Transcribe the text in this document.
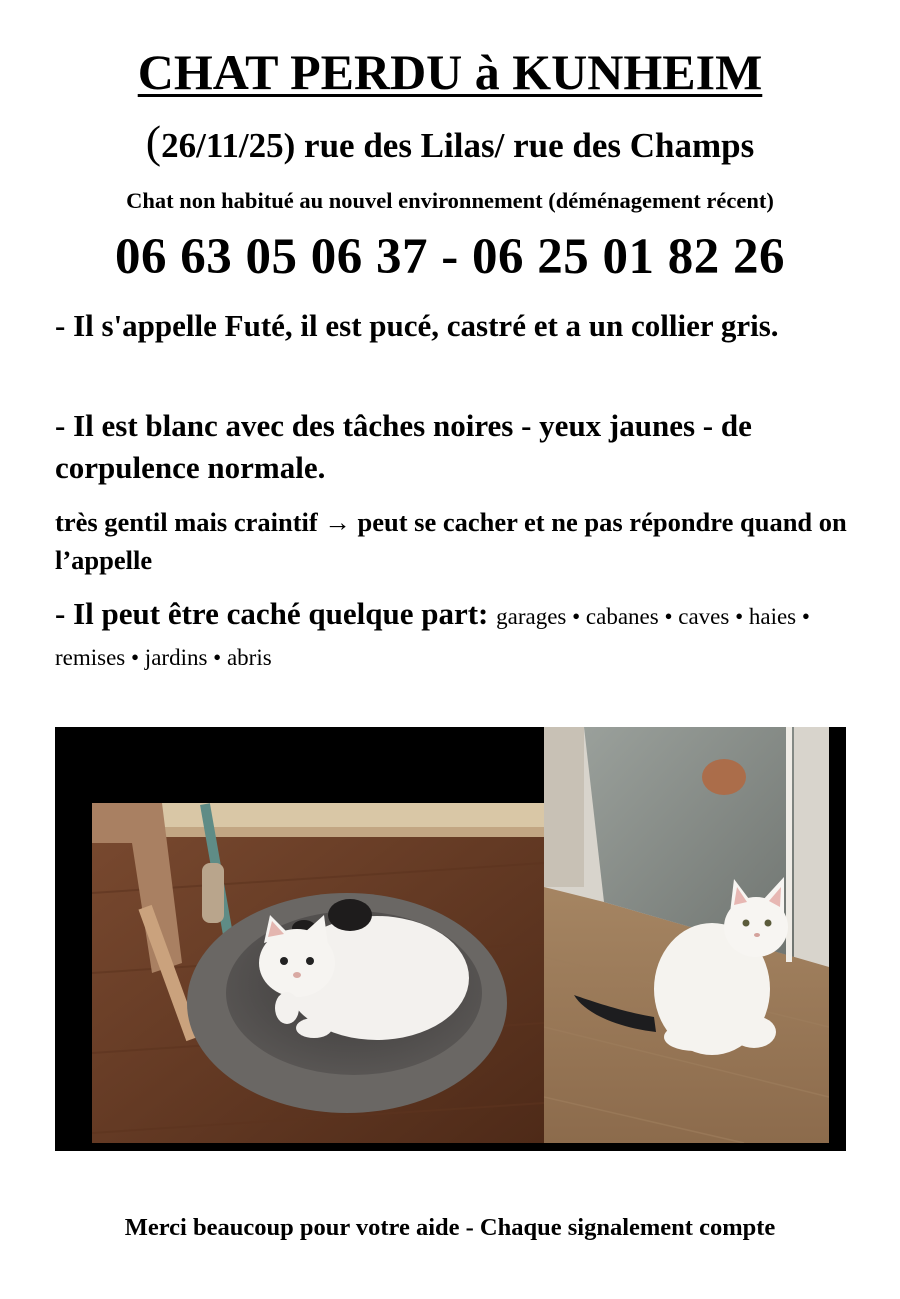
CHAT PERDU à KUNHEIM
(26/11/25) rue des Lilas/ rue des Champs
Chat non habitué au nouvel environnement (déménagement récent)
06 63 05 06 37 - 06 25 01 82 26
- Il s'appelle Futé, il est pucé, castré et a un collier gris.
- Il est blanc avec des tâches noires - yeux jaunes - de corpulence normale.
très gentil mais craintif → peut se cacher et ne pas répondre quand on l’appelle
- Il peut être caché quelque part: garages • cabanes • caves • haies • remises • jardins • abris
Merci beaucoup pour votre aide - Chaque signalement compte
